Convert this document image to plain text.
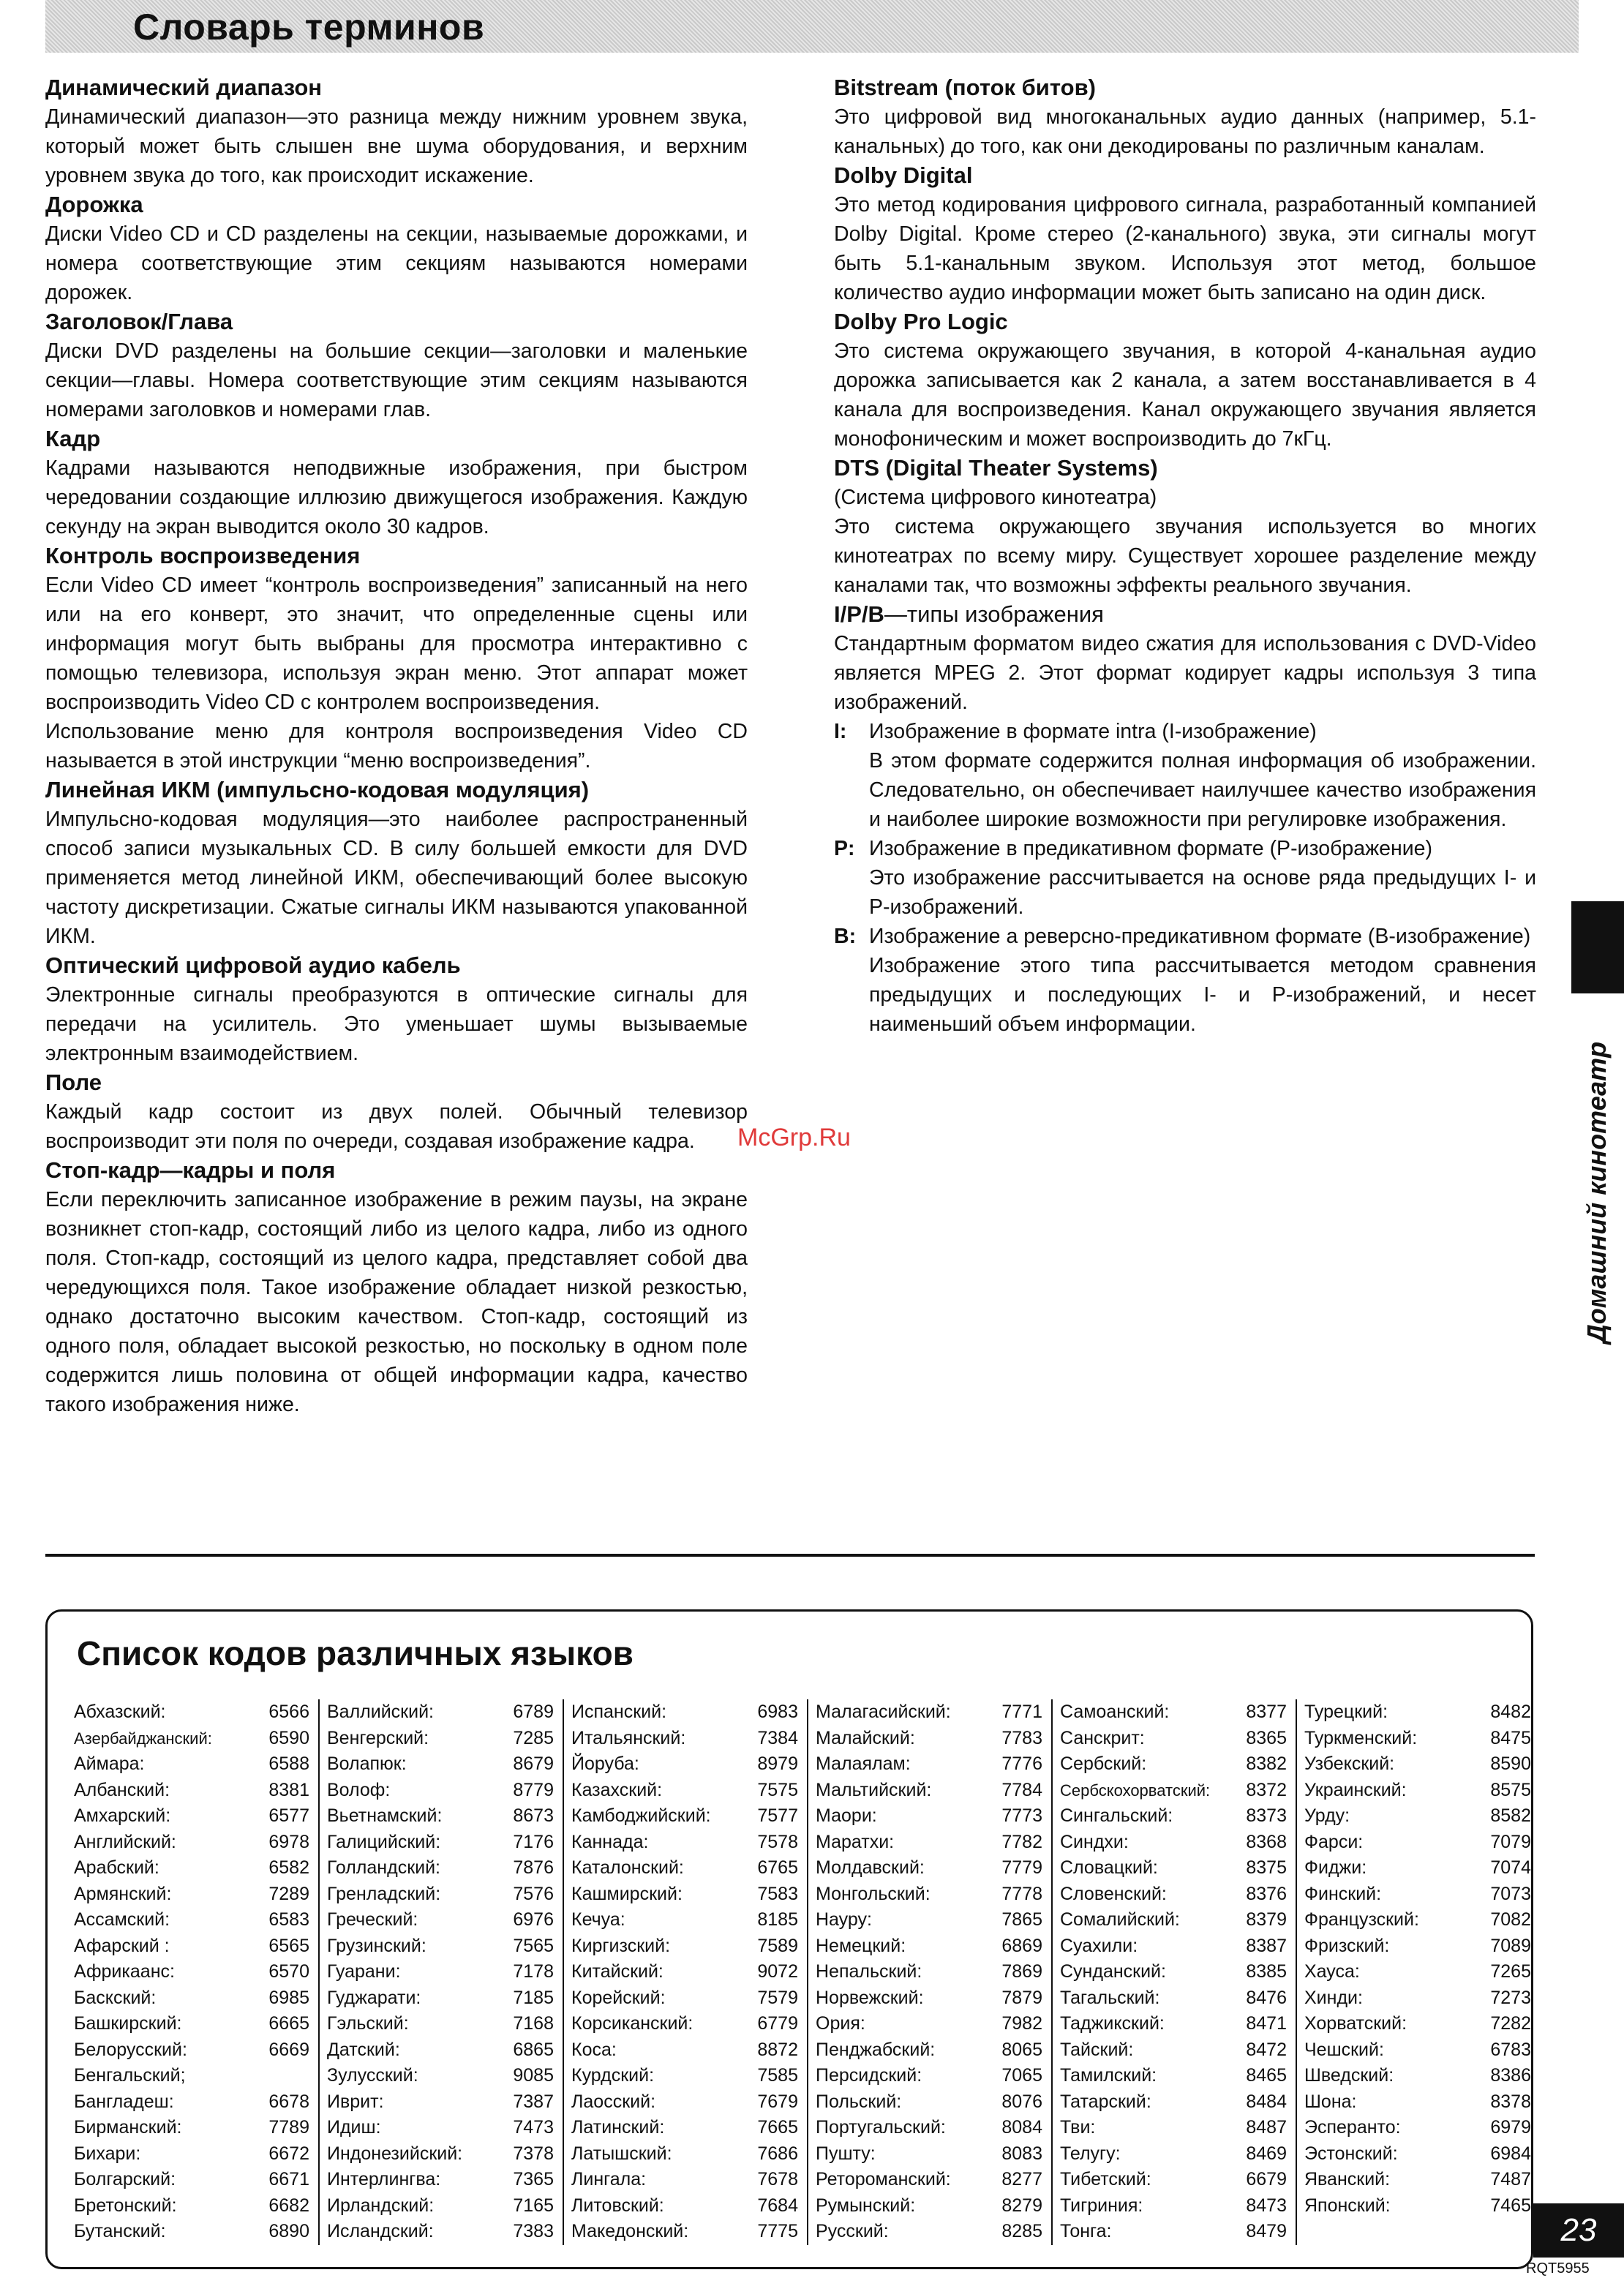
Словарь терминов
Динамический диапазон

Динамический диапазон—это разница между нижним уровнем звука, который может быть слышен вне шума оборудования, и верхним уровнем звука до того, как происходит искажение.

Дорожка

Диски Video CD и CD разделены на секции, называемые дорожками, и номера соответствующие этим секциям называются номерами дорожек.

Заголовок/Глава

Диски DVD разделены на большие секции—заголовки и маленькие секции—главы. Номера соответствующие этим секциям называются номерами заголовков и номерами глав.

Кадр

Кадрами называются неподвижные изображения, при быстром чередовании создающие иллюзию движущегося изображения. Каждую секунду на экран выводится около 30 кадров.

Контроль воспроизведения

Если Video CD имеет “контроль воспроизведения” записанный на него или на его конверт, это значит, что определенные сцены или информация могут быть выбраны для просмотра интерактивно с помощью телевизора, используя экран меню. Этот аппарат может воспроизводить Video CD с контролем воспроизведения.

Использование меню для контроля воспроизведения Video CD называется в этой инструкции “меню воспроизведения”.

Линейная ИКМ (импульсно-кодовая модуляция)

Импульсно-кодовая модуляция—это наиболее распространенный способ записи музыкальных CD. В силу большей емкости для DVD применяется метод линейной ИКМ, обеспечивающий более высокую частоту дискретизации. Сжатые сигналы ИКМ называются упакованной ИКМ.

Оптический цифровой аудио кабель

Электронные сигналы преобразуются в оптические сигналы для передачи на усилитель. Это уменьшает шумы вызываемые электронным взаимодействием.

Поле

Каждый кадр состоит из двух полей. Обычный телевизор воспроизводит эти поля по очереди, создавая изображение кадра.

Стоп-кадр—кадры и поля

Если переключить записанное изображение в режим паузы, на экране возникнет стоп-кадр, состоящий либо из целого кадра, либо из одного поля. Стоп-кадр, состоящий из целого кадра, представляет собой два чередующихся поля. Такое изображение обладает низкой резкостью, однако достаточно высоким качеством. Стоп-кадр, состоящий из одного поля, обладает высокой резкостью, но поскольку в одном поле содержится лишь половина от общей информации кадра, качество такого изображения ниже.

Bitstream (поток битов)

Это цифровой вид многоканальных аудио данных (например, 5.1-канальных) до того, как они декодированы по различным каналам.

Dolby Digital

Это метод кодирования цифрового сигнала, разработанный компанией Dolby Digital. Кроме стерео (2-канального) звука, эти сигналы могут быть 5.1-канальным звуком. Используя этот метод, большое количество аудио информации может быть записано на один диск.

Dolby Pro Logic

Это система окружающего звучания, в которой 4-канальная аудио дорожка записывается как 2 канала, а затем восстанавливается в 4 канала для воспроизведения. Канал окружающего звучания является монофоническим и может воспроизводить до 7кГц.

DTS (Digital Theater Systems)

(Система цифрового кинотеатра)

Это система окружающего звучания используется во многих кинотеатрах по всему миру. Существует хорошее разделение между каналами так, что возможны эффекты реального звучания.

I/P/B—типы изображения

Стандартным форматом видео сжатия для использования с DVD-Video является MPEG 2. Этот формат кодирует кадры используя 3 типа изображений.

I:	Изображение в формате intra (I-изображение)
В этом формате содержится полная информация об изображении. Следовательно, он обеспечивает наилучшее качество изображения и наиболее широкие возможности при регулировке изображения.
P: Изображение в предикативном формате (P-изображение)
Это изображение рассчитывается на основе ряда предыдущих I- и P-изображений.
B: Изображение а реверсно-предикативном формате (B-изображение)
Изображение этого типа рассчитывается методом сравнения предыдущих и последующих I- и P-изображений, и несет наименьший объем информации.
McGrp.Ru	Домашний кинотеатр
Список кодов различных языков
Абхазский:	6566
Азербайджанский:	6590
Аймара:	6588
Албанский:	8381
Амхарский:	6577
Английский:	6978
Арабский:	6582
Армянский:	7289
Ассамский:	6583
Афарский :	6565
Африкаанс:	6570
Баскский:	6985
Башкирский:	6665
Белорусский:	6669
Бенгальский;
Бангладеш:	6678
Бирманский:	7789
Бихари:	6672
Болгарский:	6671
Бретонский:	6682
Бутанский:	6890
Валлийский:	6789
Венгерский:	7285
Волапюк:	8679
Волоф:	8779
Вьетнамский:	8673
Галицийский:	7176
Голландский:	7876
Гренладский:	7576
Греческий:	6976
Грузинский:	7565
Гуарани:	7178
Гуджарати:	7185
Гэльский:	7168
Датский:	6865
Зулусский:	9085
Иврит:	7387
Идиш:	7473
Индонезийский:	7378
Интерлингва:	7365
Ирландский:	7165
Исландский:	7383
Испанский:	6983
Итальянский:	7384
Йоруба:	8979
Казахский:	7575
Камбоджийский:	7577
Каннада:	7578
Каталонский:	6765
Кашмирский:	7583
Кечуа:	8185
Киргизский:	7589
Китайский:	9072
Корейский:	7579
Корсиканский:	6779
Коса:	8872
Курдский:	7585
Лаосский:	7679
Латинский:	7665
Латышский:	7686
Лингала:	7678
Литовский:	7684
Македонский:	7775
Малагасийский:	7771
Малайский:	7783
Малаялам:	7776
Мальтийский:	7784
Маори:	7773
Маратхи:	7782
Молдавский:	7779
Монгольский:	7778
Науру:	7865
Немецкий:	6869
Непальский:	7869
Норвежский:	7879
Ория:	7982
Пенджабский:	8065
Персидский:	7065
Польский:	8076
Португальский:	8084
Пушту:	8083
Ретороманский:	8277
Румынский:	8279
Русский:	8285
Самоанский:	8377
Санскрит:	8365
Сербский:	8382
Сербскохорватский: 8372
Сингальский:	8373
Синдхи:	8368
Словацкий:	8375
Словенский:	8376
Сомалийский:	8379
Суахили:	8387
Сунданский:	8385
Тагальский:	8476
Таджикский:	8471
Тайский:	8472
Тамилский:	8465
Татарский:	8484
Тви:	8487
Телугу:	8469
Тибетский:	6679
Тигриния:	8473
Тонга:	8479
Турецкий:	8482
Туркменский:	8475
Узбекский:	8590
Украинский:	8575
Урду:	8582
Фарси:	7079
Фиджи:	7074
Финский:	7073
Французский:	7082
Фризский:	7089
Хауса:	7265
Хинди:	7273
Хорватский:	7282
Чешский:	6783
Шведский:	8386
Шона:	8378
Эсперанто:	6979
Эстонский:	6984
Яванский:	7487
Японский:	7465
23
RQT5955
